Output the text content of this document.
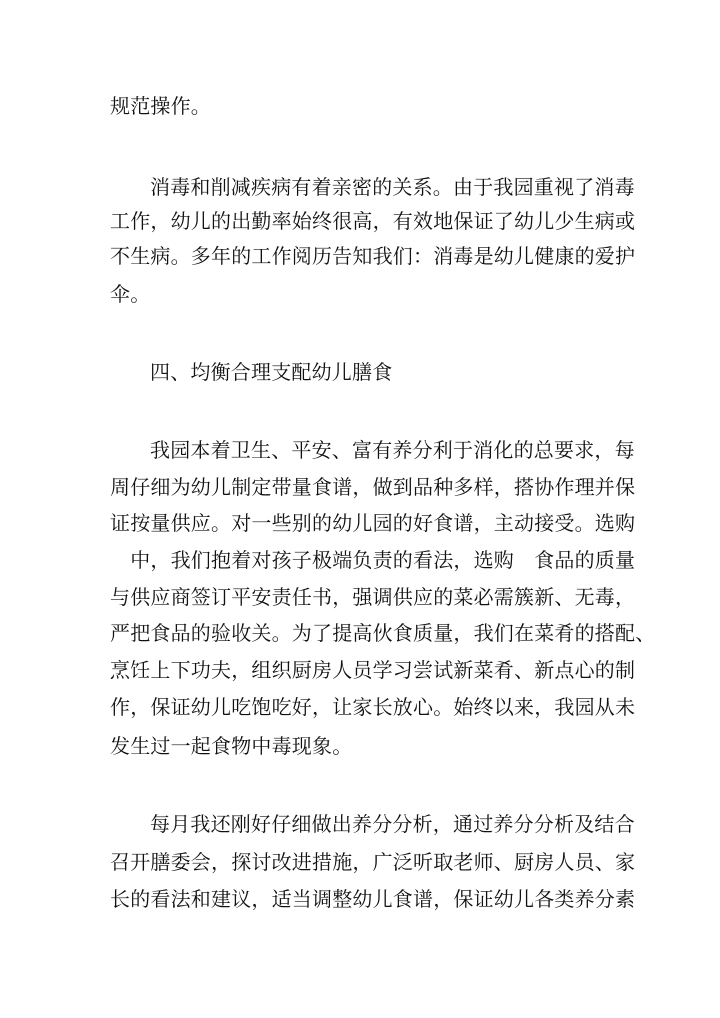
规范操作。
消毒和削减疾病有着亲密的关系。由于我园重视了消毒
工作，幼儿的出勤率始终很高，有效地保证了幼儿少生病或
不生病。多年的工作阅历告知我们：消毒是幼儿健康的爱护
伞。
四、均衡合理支配幼儿膳食
我园本着卫生、平安、富有养分利于消化的总要求，每
周仔细为幼儿制定带量食谱，做到品种多样，搭协作理并保
证按量供应。对一些别的幼儿园的好食谱，主动接受。选购
　中，我们抱着对孩子极端负责的看法，选购　食品的质量
与供应商签订平安责任书，强调供应的菜必需簇新、无毒，
严把食品的验收关。为了提高伙食质量，我们在菜肴的搭配、
烹饪上下功夫，组织厨房人员学习尝试新菜肴、新点心的制
作，保证幼儿吃饱吃好，让家长放心。始终以来，我园从未
发生过一起食物中毒现象。
每月我还刚好仔细做出养分分析，通过养分分析及结合
召开膳委会，探讨改进措施，广泛听取老师、厨房人员、家
长的看法和建议，适当调整幼儿食谱，保证幼儿各类养分素
